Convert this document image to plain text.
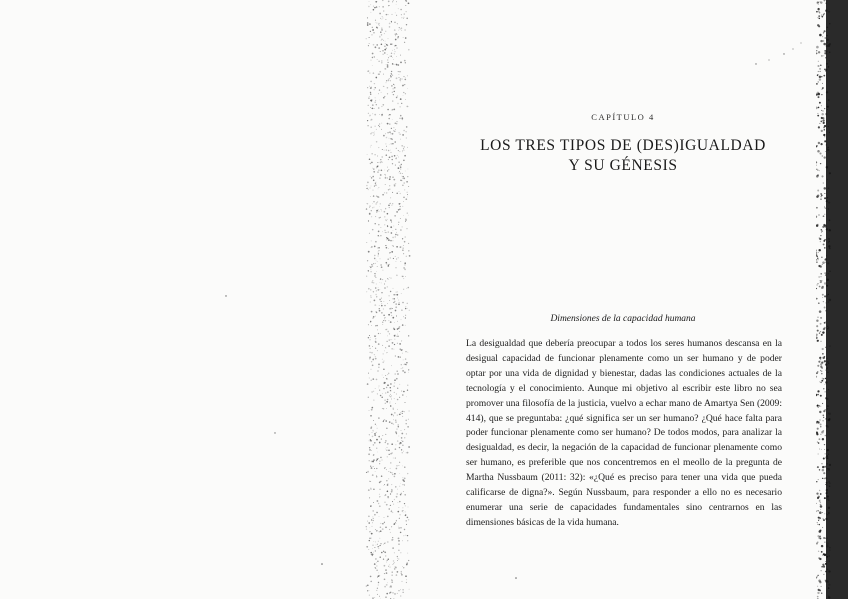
CAPÍTULO 4
LOS TRES TIPOS DE (DES)IGUALDAD
Y SU GÉNESIS
Dimensiones de la capacidad humana

La desigualdad que debería preocupar a todos los seres humanos descansa en la desigual capacidad de funcionar plenamente como un ser humano y de poder optar por una vida de dignidad y bienestar, dadas las condiciones actuales de la tecnología y el conocimiento. Aunque mi objetivo al escribir este libro no sea promover una filosofía de la justicia, vuelvo a echar mano de Amartya Sen (2009: 414), que se preguntaba: ¿qué significa ser un ser humano? ¿Qué hace falta para poder funcionar plenamente como ser humano? De todos modos, para analizar la desigualdad, es decir, la negación de la capacidad de funcionar plenamente como ser humano, es preferible que nos concentremos en el meollo de la pregunta de Martha Nussbaum (2011: 32): «¿Qué es preciso para tener una vida que pueda calificarse de digna?». Según Nussbaum, para responder a ello no es necesario enumerar una serie de capacidades fundamentales sino centrarnos en las dimensiones básicas de la vida humana.
